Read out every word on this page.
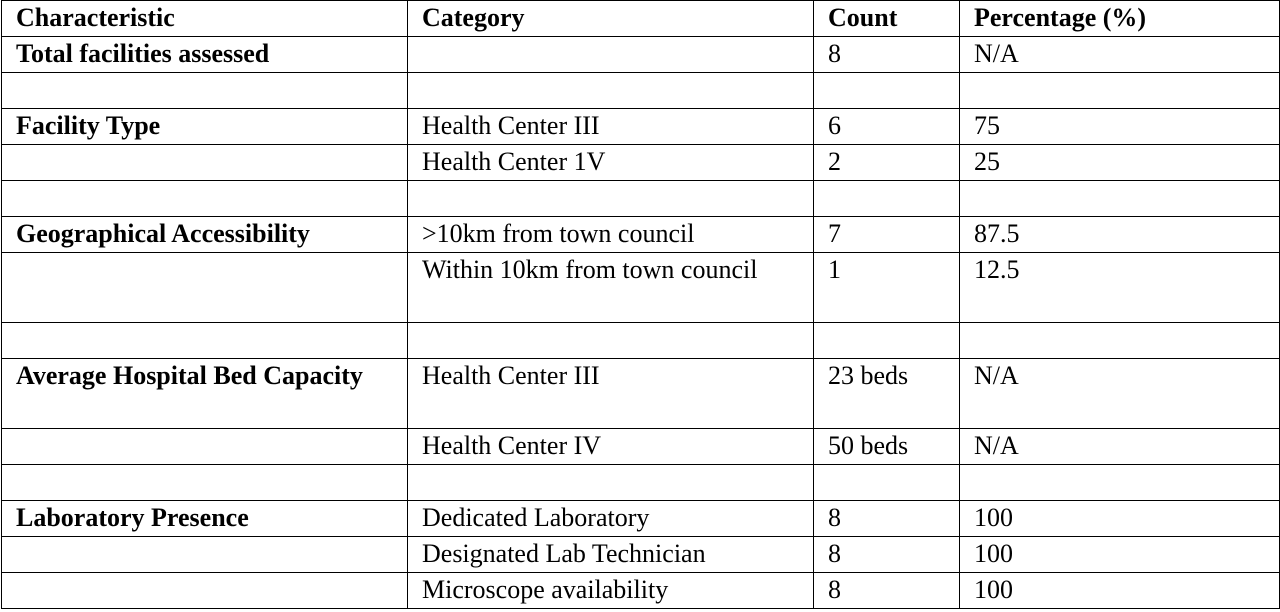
Characteristic	Category	Count	Percentage (%)
Total facilities assessed		8	N/A

Facility Type	Health Center III	6	75
	Health Center 1V	2	25

Geographical Accessibility	>10km from town council	7	87.5
	Within 10km from town council	1	12.5

Average Hospital Bed Capacity	Health Center III	23 beds	N/A
	Health Center IV	50 beds	N/A

Laboratory Presence	Dedicated Laboratory	8	100
	Designated Lab Technician	8	100
	Microscope availability	8	100
